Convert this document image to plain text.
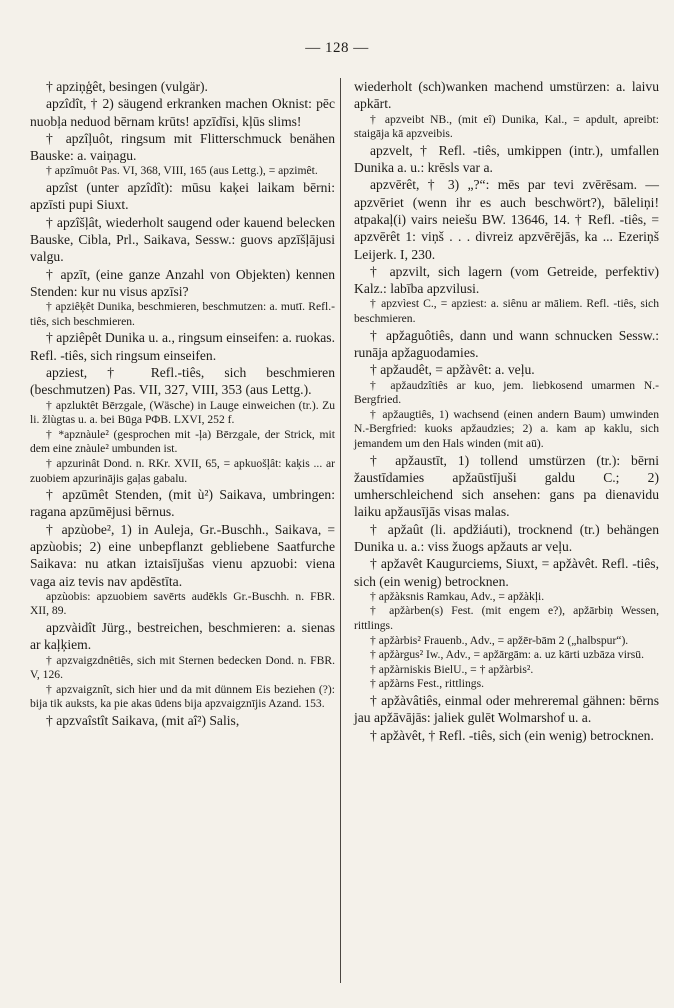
— 128 —

† apziņģêt, besingen (vulgär).

apzîdît, † 2) säugend erkranken machen Oknist: pēc nuobļa neduod bērnam krūts! apzīdīsi, kļūs slims!

† apzîļuôt, ringsum mit Flitterschmuck benähen Bauske: a. vaiņagu.

† apzîmuôt Pas. VI, 368, VIII, 165 (aus Lettg.), = apzimêt.

apzîst (unter apzîdît): mūsu kaķei laikam bērni: apzīsti pupi Siuxt.

† apzîšļât, wiederholt saugend oder kauend belecken Bauske, Cibla, Prl., Saikava, Sessw.: guovs apzīšļājusi valgu.

† apzīt, (eine ganze Anzahl von Objekten) kennen Stenden: kur nu visus apzīsi?

† apziêķêt Dunika, beschmieren, beschmutzen: a. mutī. Refl.-tiês, sich beschmieren.

† apziêpêt Dunika u. a., ringsum einseifen: a. ruokas. Refl. -tiês, sich ringsum einseifen.

apziest, † Refl.-tiês, sich beschmieren (beschmutzen) Pas. VII, 327, VIII, 353 (aus Lettg.).

† apzluktêt Bērzgale, (Wäsche) in Lauge einweichen (tr.). Zu li. žlùgtas u. a. bei Būga РФВ. LXVI, 252 f.

† *apznàule² (gesprochen mit -ļa) Bērzgale, der Strick, mit dem eine znàule² umbunden ist.

† apzurinât Dond. n. RKr. XVII, 65, = apkuošļât: kaķis ... ar zuobiem apzurinājis gaļas gabalu.

† apzūmêt Stenden, (mit ù²) Saikava, umbringen: ragana apzūmējusi bērnus.

† apzùobe², 1) in Auleja, Gr.-Buschh., Saikava, = apzùobis; 2) eine unbepflanzt gebliebene Saatfurche Saikava: nu atkan iztaisījušas vienu apzuobi: viena vaga aiz tevis nav apdēstīta.

apzùobis: apzuobiem savērts audēkls Gr.-Buschh. n. FBR. XII, 89.

apzvàidît Jürg., bestreichen, beschmieren: a. sienas ar kaļķiem.

† apzvaigzdnêtiês, sich mit Sternen bedecken Dond. n. FBR. V, 126.

† apzvaigznît, sich hier und da mit dünnem Eis beziehen (?): bija tik auksts, ka pie akas ūdens bija apzvaigznījis Azand. 153.

† apzvaîstît Saikava, (mit aî²) Salis,

wiederholt (sch)wanken machend umstürzen: a. laivu apkārt.

† apzveibt NB., (mit eî) Dunika, Kal., = apdult, apreibt: staigāja kā apzveibis.

apzvelt, † Refl. -tiês, umkippen (intr.), umfallen Dunika a. u.: krēsls var a.

apzvērêt, † 3) „?“: mēs par tevi zvērēsam. — apzvēriet (wenn ihr es auch beschwört?), bāleliņi! atpakaļ(i) vairs neiešu BW. 13646, 14. † Refl. -tiês, = apzvērêt 1: viņš . . . divreiz apzvērējās, ka ... Ezeriņš Leijerk. I, 230.

† apzvilt, sich lagern (vom Getreide, perfektiv) Kalz.: labība apzvilusi.

† apzvìest C., = apziest: a. siênu ar māliem. Refl. -tiês, sich beschmieren.

† apžaguôtiês, dann und wann schnucken Sessw.: runāja apžaguodamies.

† apžaudêt, = apžàvêt: a. veļu.

† apžaudzîtiês ar kuo, jem. liebkosend umarmen N.-Bergfried.

† apžaugtiês, 1) wachsend (einen andern Baum) umwinden N.-Bergfried: kuoks apžaudzies; 2) a. kam ap kaklu, sich jemandem um den Hals winden (mit aū).

† apžaustīt, 1) tollend umstürzen (tr.): bērni žaustīdamies apžaūstījuši galdu C.; 2) umherschleichend sich ansehen: gans pa dienavidu laiku apžausījās visas malas.

† apžaût (li. apdžiáuti), trocknend (tr.) behängen Dunika u. a.: viss žuogs apžauts ar veļu.

† apžavêt Kaugurciems, Siuxt, = apžàvêt. Refl. -tiês, sich (ein wenig) betrocknen.

† apžàksnis Ramkau, Adv., = apžàkļi.

† apžàrben(s) Fest. (mit engem e?), apžārbiņ Wessen, rittlings.

† apžàrbis² Frauenb., Adv., = apžēr-bām 2 („halbspur“).

† apžàrgus² Iw., Adv., = apžārgām: a. uz kārti uzbāza virsū.

† apžàrniskis BielU., = † apžàrbis².

† apžàrns Fest., rittlings.

† apžàvâtiês, einmal oder mehreremal gähnen: bērns jau apžāvājās: jaliek gulēt Wolmarshof u. a.

† apžàvêt, † Refl. -tiês, sich (ein wenig) betrocknen.
